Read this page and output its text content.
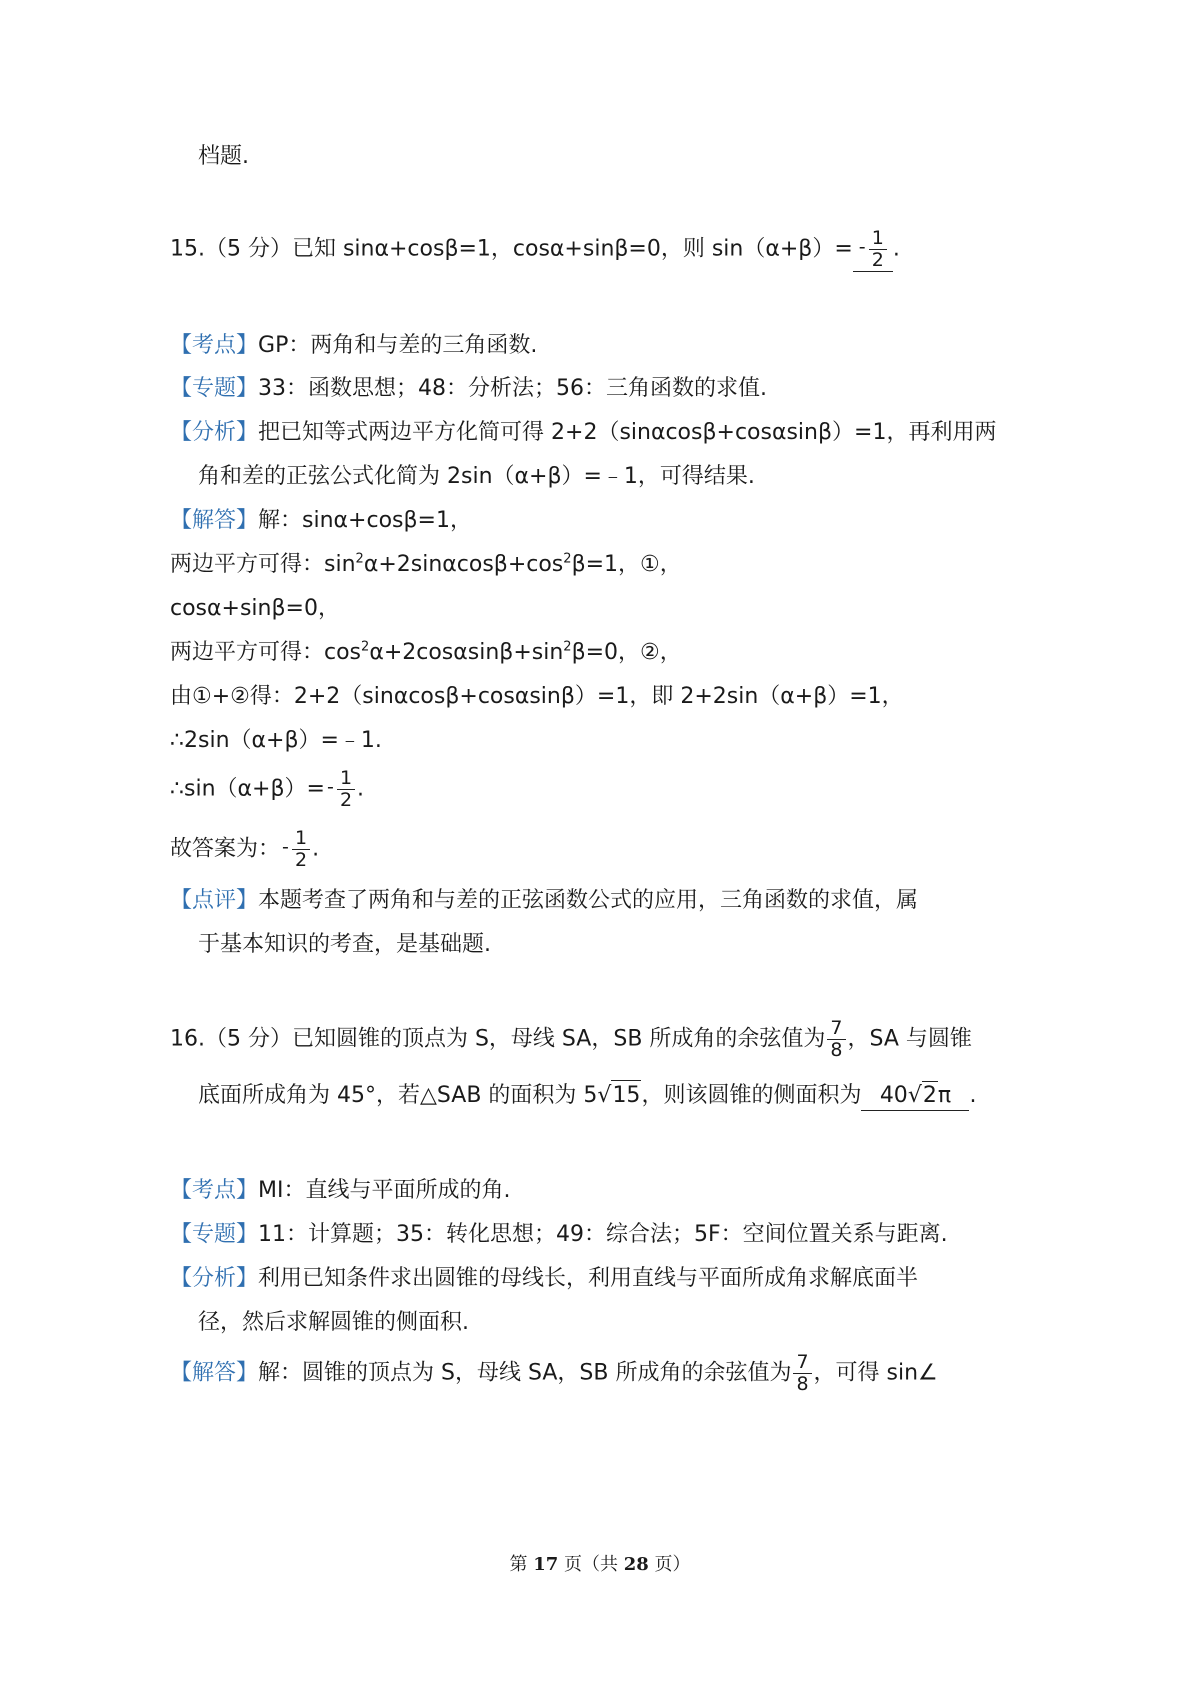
档题.
15.（5 分）已知 sinα+cosβ=1，cosα+sinβ=0，则 sin（α+β）=
- $\frac{1}{2}$ .
【考点】GP：两角和与差的三角函数.
【专题】33：函数思想；48：分析法；56：三角函数的求值.
【分析】把已知等式两边平方化简可得 2+2（sinαcosβ+cosαsinβ）=1，再利用两
角和差的正弦公式化简为 2sin（α+β）=﹣1，可得结果.
【解答】解：sinα+cosβ=1，
两边平方可得：$\sin^2\alpha+2\sin\alpha\cos\beta+\cos^2\beta=1$，①，
cosα+sinβ=0，
两边平方可得：$\cos^2\alpha+2\cos\alpha\sin\beta+\sin^2\beta=0$，②，
由①+②得：2+2（sinαcosβ+cosαsinβ）=1，即 2+2sin（α+β）=1，
∴2sin（α+β）=﹣1.
∴sin（α+β）=
- $\frac{1}{2}$ .
故答案为：
- $\frac{1}{2}$ .
【点评】本题考查了两角和与差的正弦函数公式的应用，三角函数的求值，属
于基本知识的考查，是基础题.
16.（5 分）已知圆锥的顶点为 S，母线 SA，SB 所成角的余弦值为 $\frac{7}{8}$ ，SA 与圆锥
底面所成角为 45°，若△SAB 的面积为 5√15，则该圆锥的侧面积为 40√2π .
【考点】MI：直线与平面所成的角.
【专题】11：计算题；35：转化思想；49：综合法；5F：空间位置关系与距离.
【分析】利用已知条件求出圆锥的母线长，利用直线与平面所成角求解底面半
径，然后求解圆锥的侧面积.
【解答】解：圆锥的顶点为 S，母线 SA，SB 所成角的余弦值为 $\frac{7}{8}$ ，可得 sin∠
第 17 页（共 28 页）
